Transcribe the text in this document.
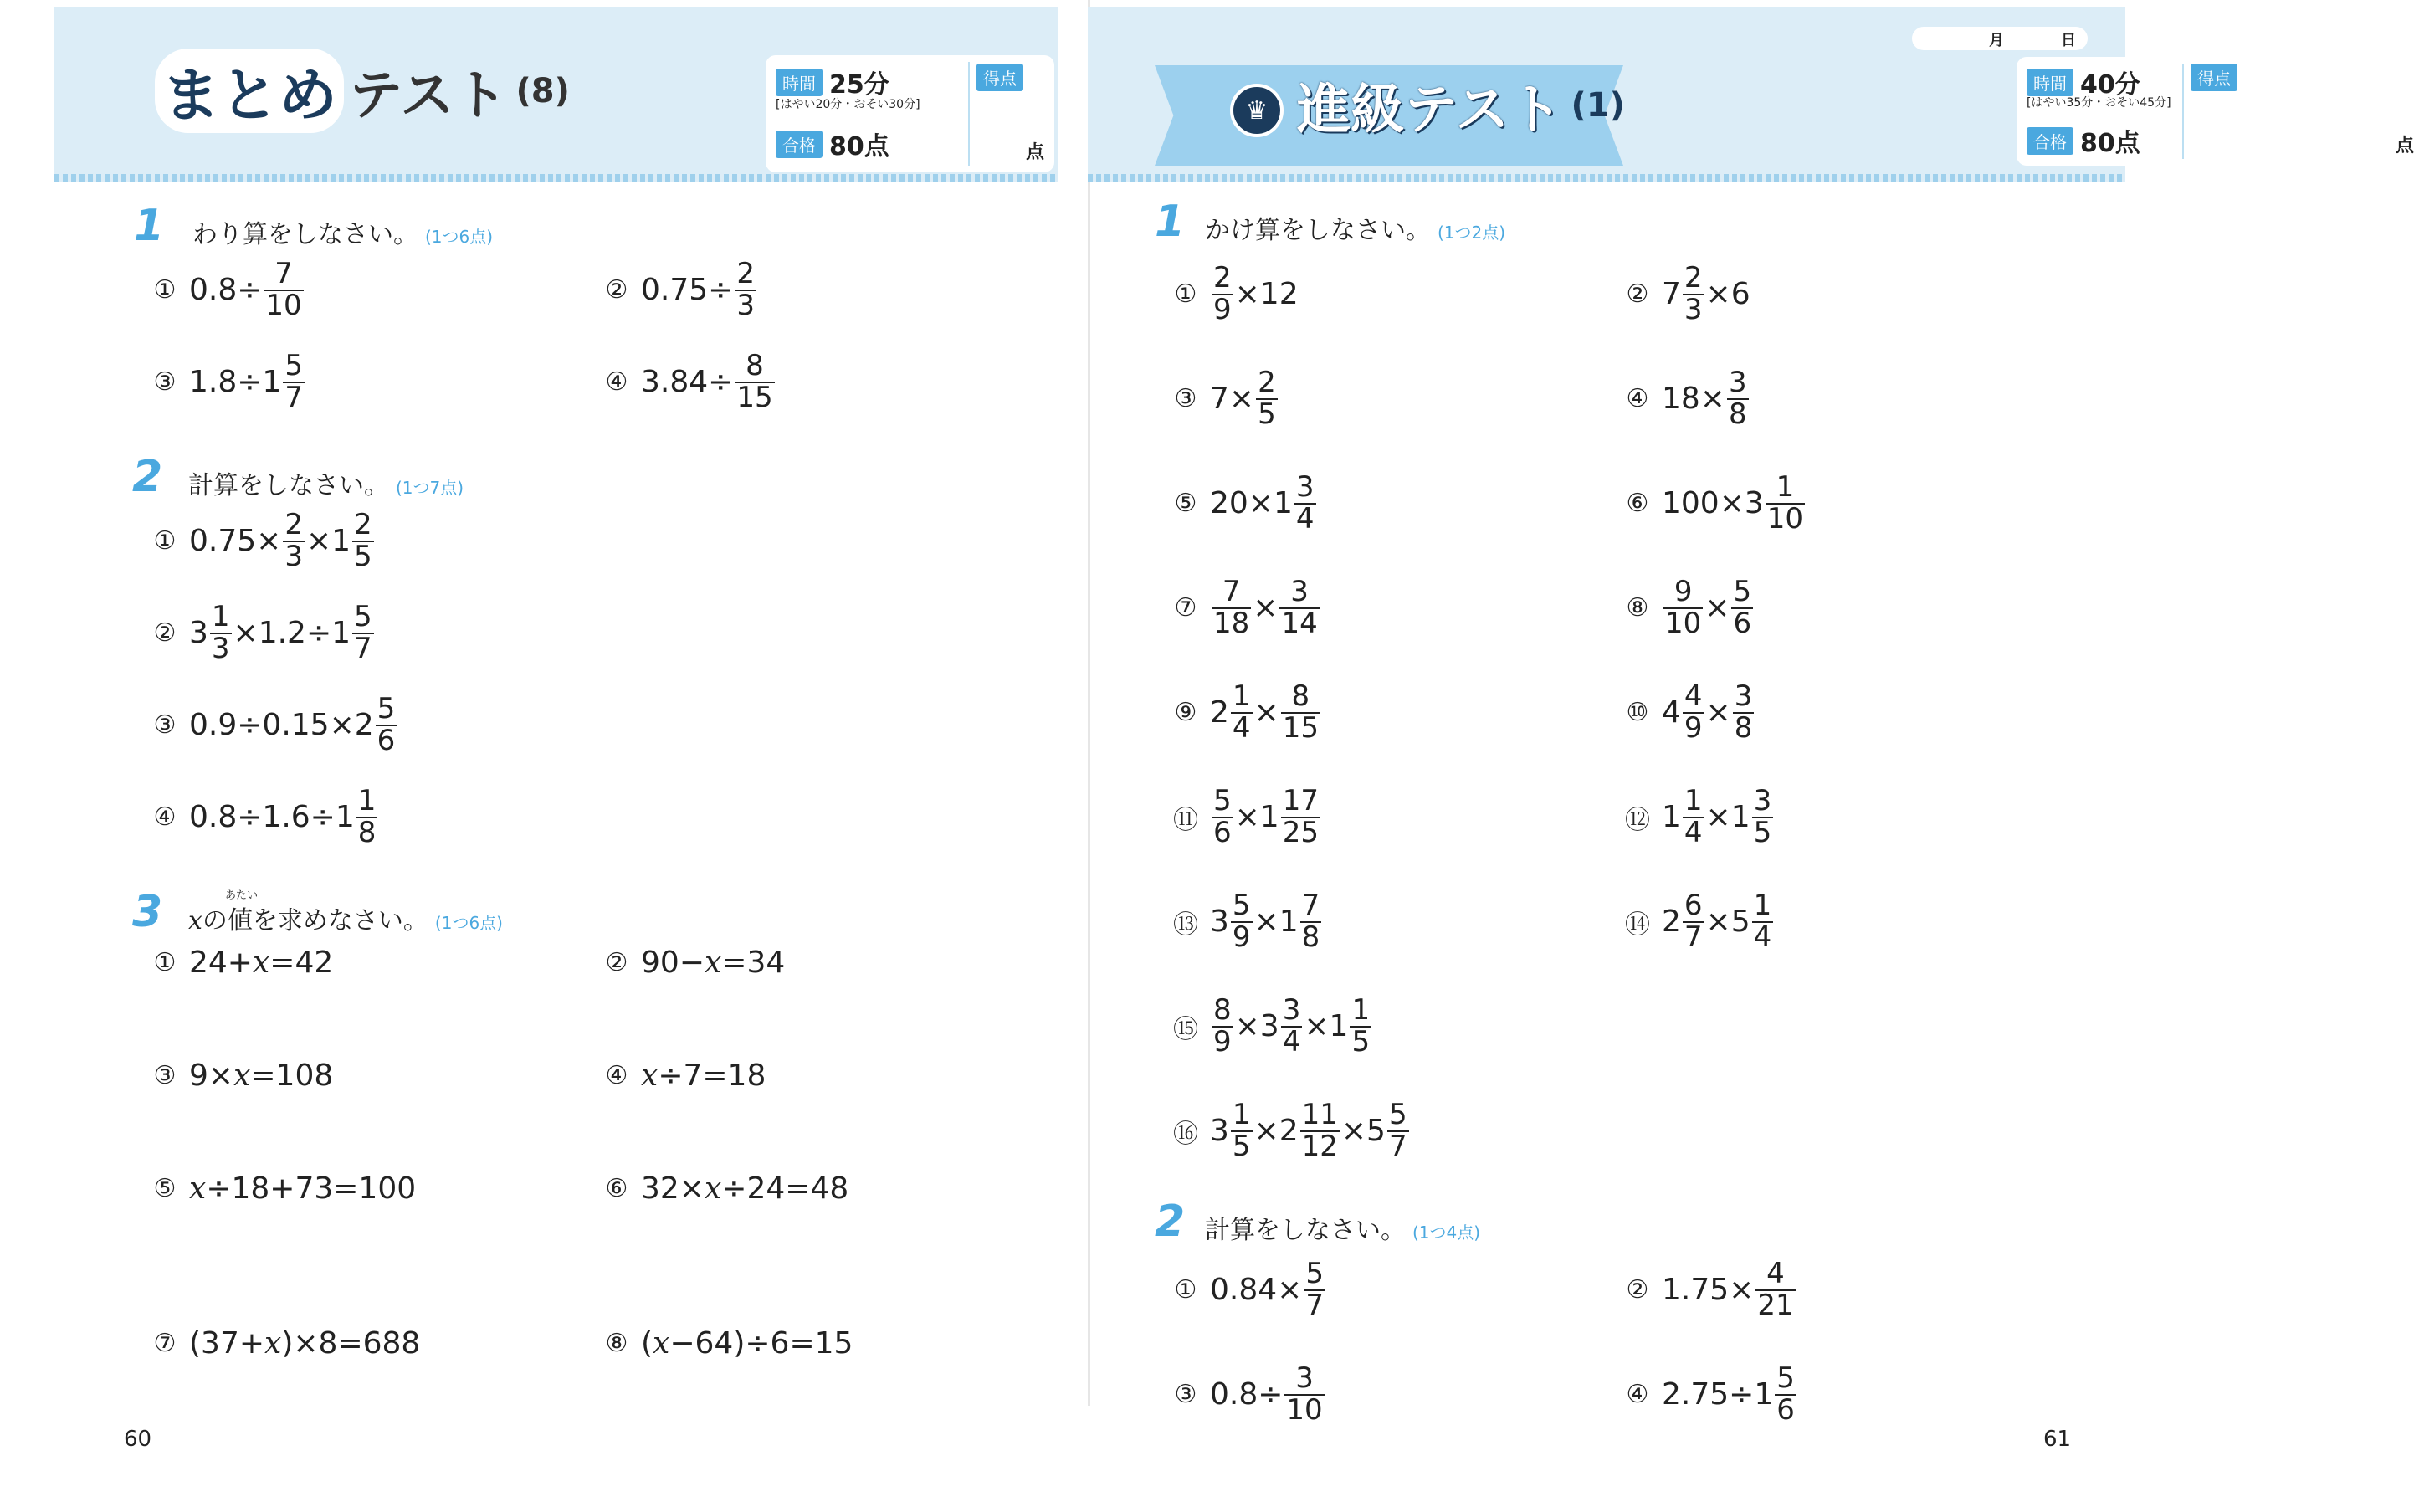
まとめ テスト (8)	時間 25分
[はやい20分・おそい30分]
合格 80点
得点
点
1 わり算をしなさい。 (1つ6点)
① $0.8\div \frac{7}{10}$	② $0.75\div \frac{2}{3}$
③ $1.8\div 1 \frac{5}{7}$	④ $3.84\div \frac{8}{15}$
2 計算をしなさい。 (1つ7点)
① $0.75\times \frac{2}{3} \times 1 \frac{2}{5}$
② $3 \frac{1}{3} \times 1.2\div 1 \frac{5}{7}$
③ $0.9\div 0.15\times 2 \frac{5}{6}$
④ $0.8\div 1.6\div 1 \frac{1}{8}$
3 x
あたい
の値を求めなさい。 (1つ6点)
① 24+ x =42	② 90− x =34
③ 9× x =108	④ x ÷7=18
⑤ x ÷18+73=100	⑥ 32× x ÷24=48
⑦ (37+ x )×8=688	⑧ ( x −64)÷6=15
60
♛ 進級テスト (1)
月	日
時間 40分
[はやい35分・おそい45分]
合格 80点
得点
点
1 かけ算をしなさい。 (1つ2点)
① $\frac{2}{9} \times 12$	② $7 \frac{2}{3} \times 6$
③ $7\times \frac{2}{5}$	④ $18\times \frac{3}{8}$
⑤ $20\times 1 \frac{3}{4}$	⑥ $100\times 3 \frac{1}{10}$
⑦ $\frac{7}{18} \times \frac{3}{14}$	⑧ $\frac{9}{10} \times \frac{5}{6}$
⑨ $2 \frac{1}{4} \times \frac{8}{15}$	⑩ $4 \frac{4}{9} \times \frac{3}{8}$
⑪ $\frac{5}{6} \times 1 \frac{17}{25}$	⑫ $1 \frac{1}{4} \times 1 \frac{3}{5}$
⑬ $3 \frac{5}{9} \times 1 \frac{7}{8}$	⑭ $2 \frac{6}{7} \times 5 \frac{1}{4}$
⑮ $\frac{8}{9} \times 3 \frac{3}{4} \times 1 \frac{1}{5}$
⑯ $3 \frac{1}{5} \times 2 \frac{11}{12} \times 5 \frac{5}{7}$
2 計算をしなさい。 (1つ4点)
① $0.84\times \frac{5}{7}$	② $1.75\times \frac{4}{21}$
③ $0.8\div \frac{3}{10}$	④ $2.75\div 1 \frac{5}{6}$
61
